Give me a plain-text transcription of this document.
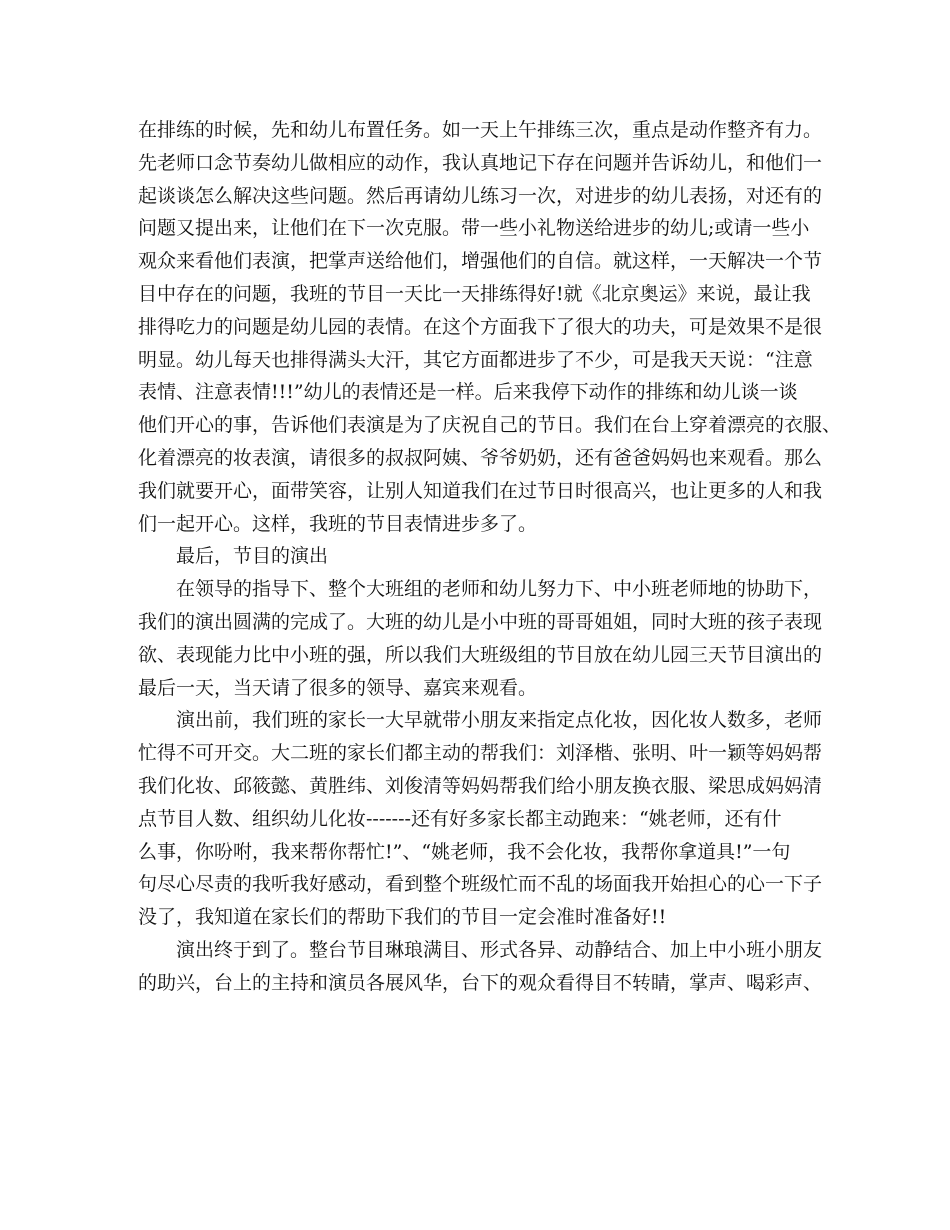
在排练的时候，先和幼儿布置任务。如一天上午排练三次，重点是动作整齐有力。
先老师口念节奏幼儿做相应的动作，我认真地记下存在问题并告诉幼儿，和他们一
起谈谈怎么解决这些问题。然后再请幼儿练习一次，对进步的幼儿表扬，对还有的
问题又提出来，让他们在下一次克服。带一些小礼物送给进步的幼儿;或请一些小
观众来看他们表演，把掌声送给他们，增强他们的自信。就这样，一天解决一个节
目中存在的问题，我班的节目一天比一天排练得好!就《北京奥运》来说，最让我
排得吃力的问题是幼儿园的表情。在这个方面我下了很大的功夫，可是效果不是很
明显。幼儿每天也排得满头大汗，其它方面都进步了不少，可是我天天说：“注意
表情、注意表情!!!”幼儿的表情还是一样。后来我停下动作的排练和幼儿谈一谈
他们开心的事，告诉他们表演是为了庆祝自己的节日。我们在台上穿着漂亮的衣服、
化着漂亮的妆表演，请很多的叔叔阿姨、爷爷奶奶，还有爸爸妈妈也来观看。那么
我们就要开心，面带笑容，让别人知道我们在过节日时很高兴，也让更多的人和我
们一起开心。这样，我班的节目表情进步多了。
最后，节目的演出
在领导的指导下、整个大班组的老师和幼儿努力下、中小班老师地的协助下，
我们的演出圆满的完成了。大班的幼儿是小中班的哥哥姐姐，同时大班的孩子表现
欲、表现能力比中小班的强，所以我们大班级组的节目放在幼儿园三天节目演出的
最后一天，当天请了很多的领导、嘉宾来观看。
演出前，我们班的家长一大早就带小朋友来指定点化妆，因化妆人数多，老师
忙得不可开交。大二班的家长们都主动的帮我们：刘泽楷、张明、叶一颖等妈妈帮
我们化妆、邱筱懿、黄胜纬、刘俊清等妈妈帮我们给小朋友换衣服、梁思成妈妈清
点节目人数、组织幼儿化妆-------还有好多家长都主动跑来：“姚老师，还有什
么事，你吩咐，我来帮你帮忙!”、“姚老师，我不会化妆，我帮你拿道具!”一句
句尽心尽责的我听我好感动，看到整个班级忙而不乱的场面我开始担心的心一下子
没了，我知道在家长们的帮助下我们的节目一定会准时准备好!!
演出终于到了。整台节目琳琅满目、形式各异、动静结合、加上中小班小朋友
的助兴，台上的主持和演员各展风华，台下的观众看得目不转睛，掌声、喝彩声、
